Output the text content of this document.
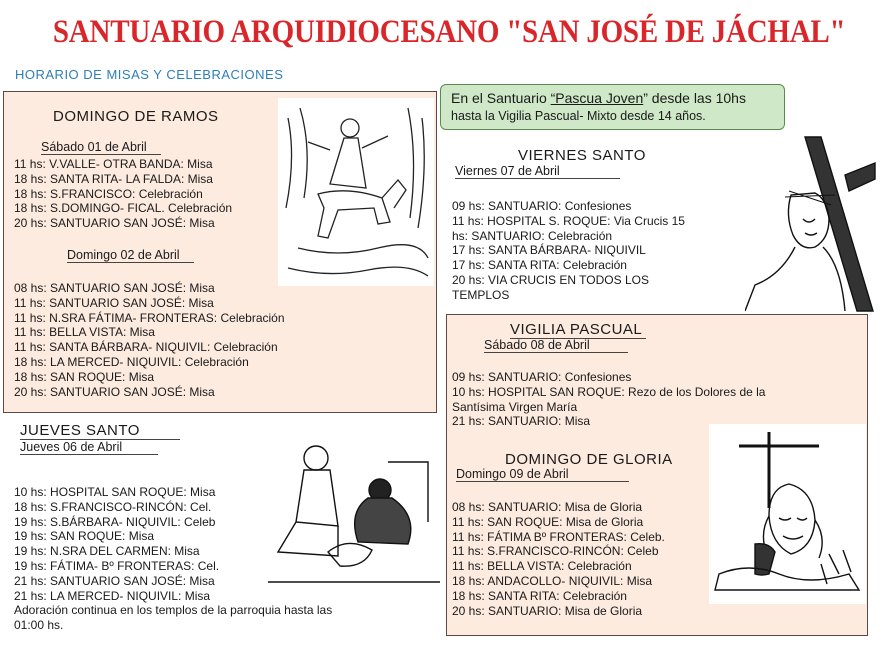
SANTUARIO ARQUIDIOCESANO "SAN JOSÉ DE JÁCHAL"
HORARIO DE MISAS Y CELEBRACIONES
DOMINGO DE RAMOS
Sábado 01 de Abril
11 hs: V.VALLE- OTRA BANDA: Misa
18 hs: SANTA RITA- LA FALDA: Misa
18 hs: S.FRANCISCO: Celebración
18 hs: S.DOMINGO- FICAL. Celebración
20 hs: SANTUARIO SAN JOSÉ: Misa
Domingo 02 de Abril
08 hs: SANTUARIO SAN JOSÉ: Misa
11 hs: SANTUARIO SAN JOSÉ: Misa
11 hs: N.SRA FÁTIMA- FRONTERAS: Celebración
11 hs: BELLA VISTA: Misa
11 hs: SANTA BÁRBARA- NIQUIVIL: Celebración
18 hs: LA MERCED- NIQUIVIL: Celebración
18 hs: SAN ROQUE: Misa
20 hs: SANTUARIO SAN JOSÉ: Misa
En el Santuario “Pascua Joven” desde las 10hs
hasta la Vigilia Pascual- Mixto desde 14 años.
VIERNES SANTO
Viernes 07 de Abril
09 hs: SANTUARIO: Confesiones
11 hs: HOSPITAL S. ROQUE: Via Crucis 15
hs: SANTUARIO: Celebración
17 hs: SANTA BÁRBARA- NIQUIVIL
17 hs: SANTA RITA: Celebración
20 hs: VIA CRUCIS EN TODOS LOS
TEMPLOS
VIGILIA PASCUAL
Sábado 08 de Abril
09 hs: SANTUARIO: Confesiones
10 hs: HOSPITAL SAN ROQUE: Rezo de los Dolores de la
Santísima Virgen María
21 hs: SANTUARIO: Misa
DOMINGO DE GLORIA
Domingo 09 de Abril
08 hs: SANTUARIO: Misa de Gloria
11 hs: SAN ROQUE: Misa de Gloria
11 hs: FÁTIMA Bº FRONTERAS: Celeb.
11 hs: S.FRANCISCO-RINCÓN: Celeb
11 hs: BELLA VISTA: Celebración
18 hs: ANDACOLLO- NIQUIVIL: Misa
18 hs: SANTA RITA: Celebración
20 hs: SANTUARIO: Misa de Gloria
JUEVES SANTO
Jueves 06 de Abril
10 hs: HOSPITAL SAN ROQUE: Misa
18 hs: S.FRANCISCO-RINCÓN: Cel.
19 hs: S.BÁRBARA- NIQUIVIL: Celeb
19 hs: SAN ROQUE: Misa
19 hs: N.SRA DEL CARMEN: Misa
19 hs: FÁTIMA- Bº FRONTERAS: Cel.
21 hs: SANTUARIO SAN JOSÉ: Misa
21 hs: LA MERCED- NIQUIVIL: Misa
Adoración continua en los templos de la parroquia hasta las
01:00 hs.
